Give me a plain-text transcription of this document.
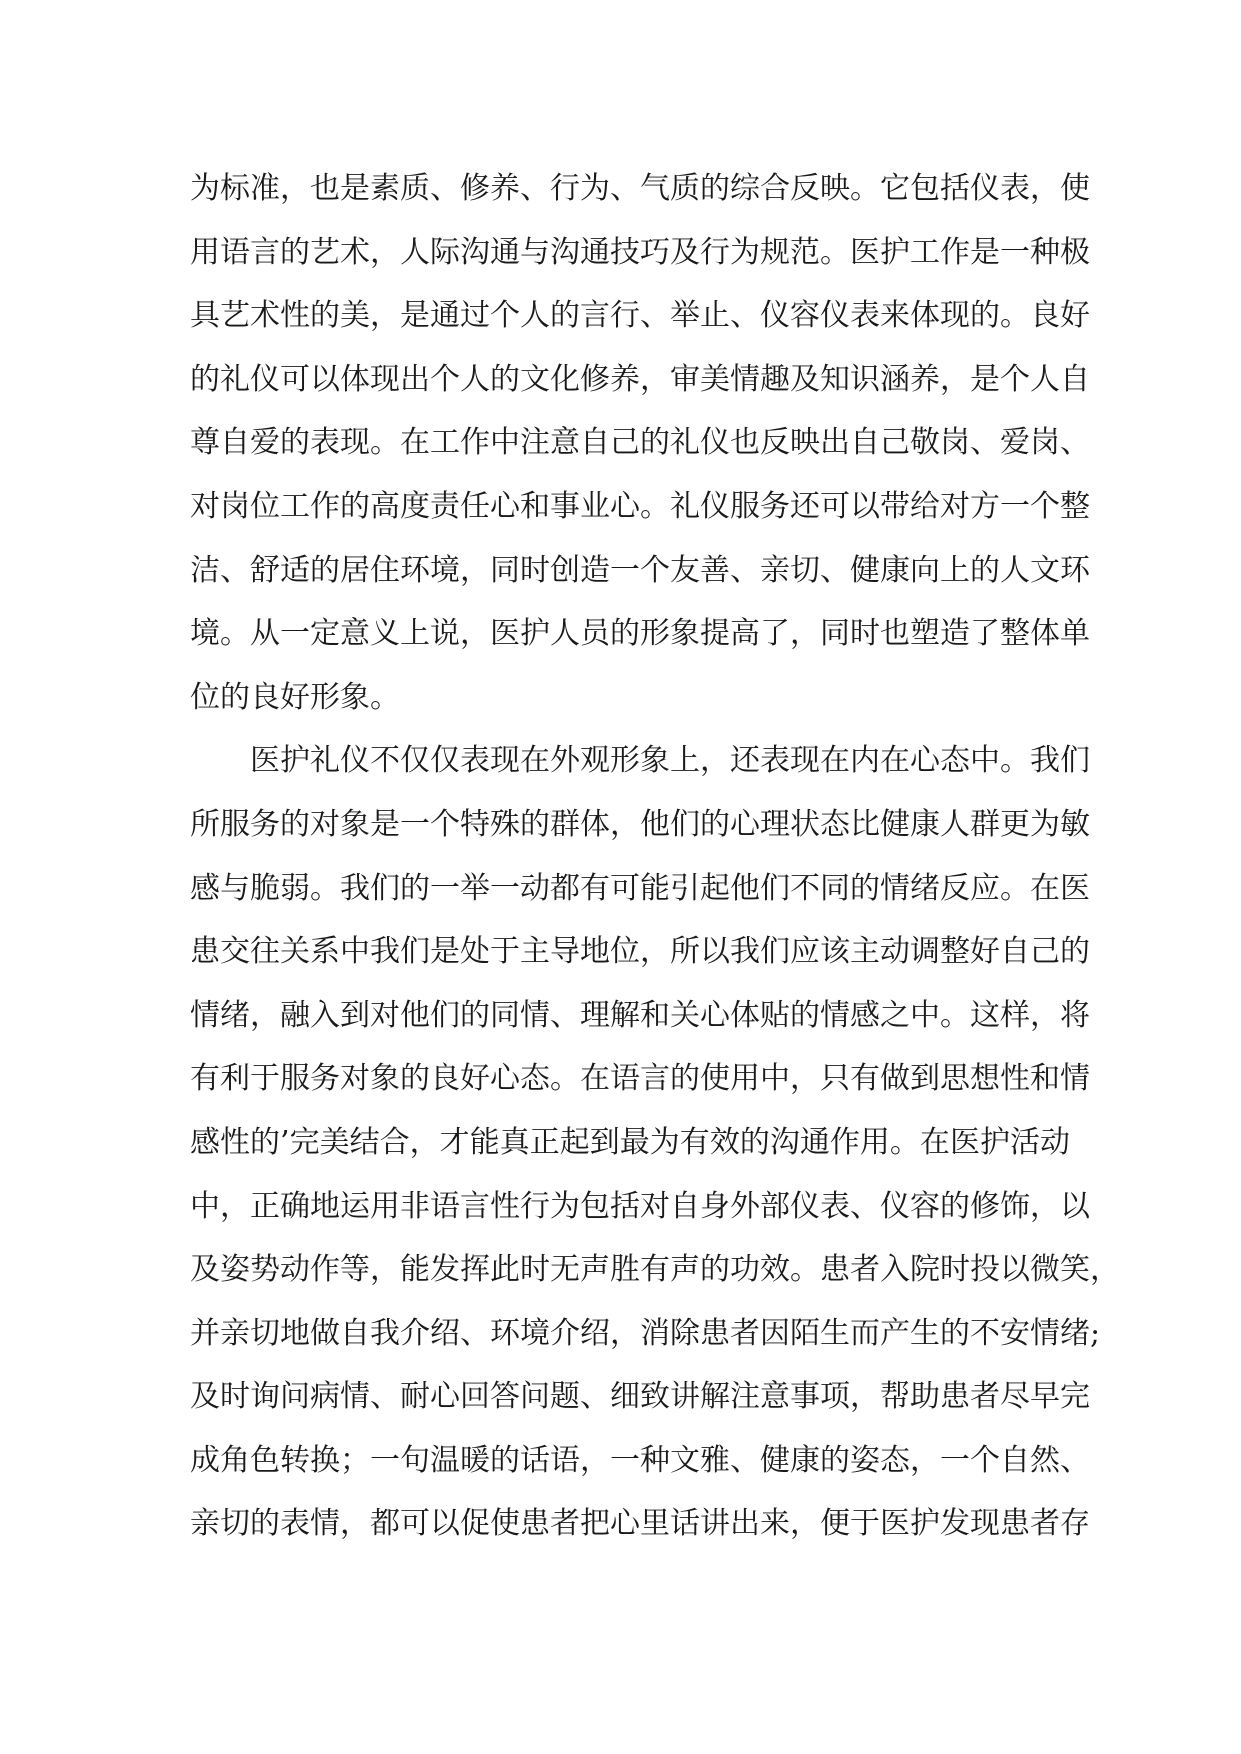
为标准，也是素质、修养、行为、气质的综合反映。它包括仪表，使
用语言的艺术，人际沟通与沟通技巧及行为规范。医护工作是一种极
具艺术性的美，是通过个人的言行、举止、仪容仪表来体现的。良好
的礼仪可以体现出个人的文化修养，审美情趣及知识涵养，是个人自
尊自爱的表现。在工作中注意自己的礼仪也反映出自己敬岗、爱岗、
对岗位工作的高度责任心和事业心。礼仪服务还可以带给对方一个整
洁、舒适的居住环境，同时创造一个友善、亲切、健康向上的人文环
境。从一定意义上说，医护人员的形象提高了，同时也塑造了整体单
位的良好形象。
医护礼仪不仅仅表现在外观形象上，还表现在内在心态中。我们
所服务的对象是一个特殊的群体，他们的心理状态比健康人群更为敏
感与脆弱。我们的一举一动都有可能引起他们不同的情绪反应。在医
患交往关系中我们是处于主导地位，所以我们应该主动调整好自己的
情绪，融入到对他们的同情、理解和关心体贴的情感之中。这样，将
有利于服务对象的良好心态。在语言的使用中，只有做到思想性和情
感性的’完美结合，才能真正起到最为有效的沟通作用。在医护活动
中，正确地运用非语言性行为包括对自身外部仪表、仪容的修饰，以
及姿势动作等，能发挥此时无声胜有声的功效。患者入院时投以微笑，
并亲切地做自我介绍、环境介绍，消除患者因陌生而产生的不安情绪;
及时询问病情、耐心回答问题、细致讲解注意事项，帮助患者尽早完
成角色转换；一句温暖的话语，一种文雅、健康的姿态，一个自然、
亲切的表情，都可以促使患者把心里话讲出来，便于医护发现患者存
